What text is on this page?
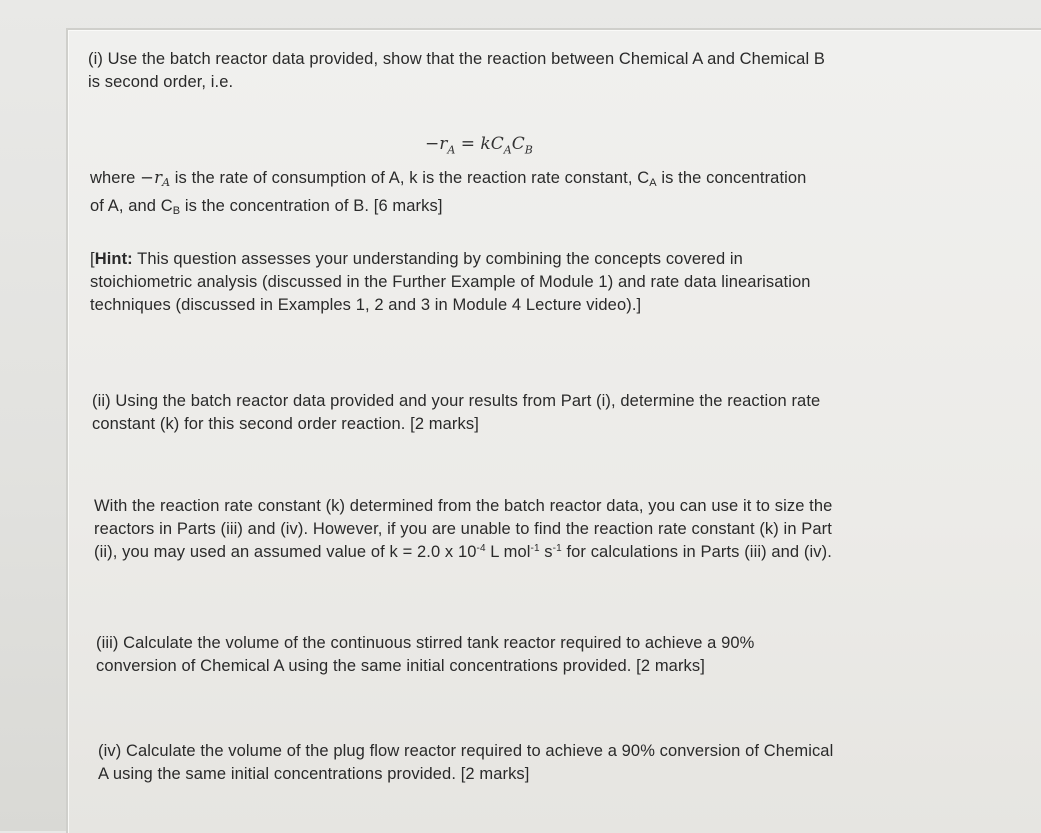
(i) Use the batch reactor data provided, show that the reaction between Chemical A and Chemical B
is second order, i.e.
$-r_A = kC_AC_B$
where $-r_A$ is the rate of consumption of A, k is the reaction rate constant, $C_A$ is the concentration
of A, and $C_B$ is the concentration of B. [6 marks]
[Hint: This question assesses your understanding by combining the concepts covered in
stoichiometric analysis (discussed in the Further Example of Module 1) and rate data linearisation
techniques (discussed in Examples 1, 2 and 3 in Module 4 Lecture video).]
(ii) Using the batch reactor data provided and your results from Part (i), determine the reaction rate
constant (k) for this second order reaction. [2 marks]
With the reaction rate constant (k) determined from the batch reactor data, you can use it to size the
reactors in Parts (iii) and (iv). However, if you are unable to find the reaction rate constant (k) in Part
(ii), you may used an assumed value of k = 2.0 x $10^{-4}$ L mol$^{-1}$ $s^{-1}$ for calculations in Parts (iii) and (iv).
(iii) Calculate the volume of the continuous stirred tank reactor required to achieve a 90%
conversion of Chemical A using the same initial concentrations provided. [2 marks]
(iv) Calculate the volume of the plug flow reactor required to achieve a 90% conversion of Chemical
A using the same initial concentrations provided. [2 marks]
